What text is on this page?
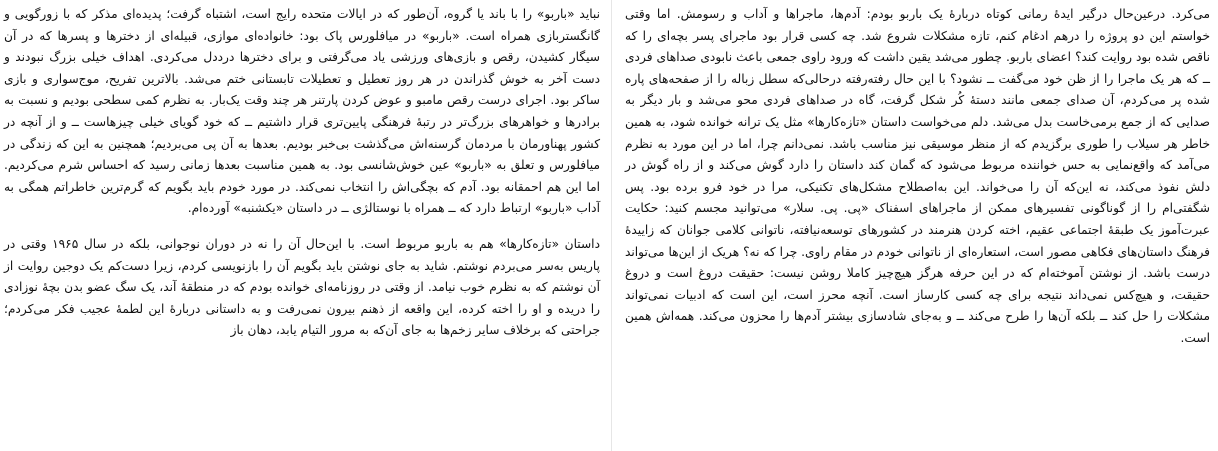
نباید «باربو» را با باند یا گروه، آن‌طور که در ایالات متحده رایج است، اشتباه گرفت؛ پدیده‌ای مذکر که با زورگویی و گانگستربازی همراه است. «باربو» در میافلورس پاک بود: خانواده‌ای موازی، قبیله‌ای از دخترها و پسرها که در آن سیگار کشیدن، رقص و بازی‌های ورزشی یاد می‌گرفتی و برای دخترها درددل می‌کردی. اهداف خیلی بزرگ نبودند و دست آخر به خوش گذراندن در هر روز تعطیل و تعطیلات تابستانی ختم می‌شد. بالاترین تفریح، موج‌سواری و بازی ساکر بود. اجرای درست رقص مامبو و عوض کردن پارتنر هر چند وقت یک‌بار. به نظرم کمی سطحی بودیم و نسبت به برادرها و خواهرهای بزرگ‌تر در رتبهٔ فرهنگی پایین‌تری قرار داشتیم ــ که خود گویای خیلی چیزهاست ــ و از آنچه در کشور پهناورمان با مردمان گرسنه‌اش می‌گذشت بی‌خبر بودیم. بعدها به آن پی می‌بردیم؛ همچنین به این که زندگی در میافلورس و تعلق به «باربو» عین خوش‌شانسی بود. به همین مناسبت بعدها زمانی رسید که احساس شرم می‌کردیم. اما این هم احمقانه بود. آدم که بچگی‌اش را انتخاب نمی‌کند. در مورد خودم باید بگویم که گرم‌ترین خاطراتم همگی به آداب «باربو» ارتباط دارد که ــ همراه با نوستالژی ــ در داستان «یکشنبه» آورده‌ام.

داستان «تازه‌کارها» هم به باربو مربوط است. با این‌حال آن را نه در دوران نوجوانی، بلکه در سال ۱۹۶۵ وقتی در پاریس به‌سر می‌بردم نوشتم. شاید به جای نوشتن باید بگویم آن را بازنویسی کردم، زیرا دست‌کم یک دوجین روایت از آن نوشتم که به نظرم خوب نیامد. از وقتی در روزنامه‌ای خوانده بودم که در منطقهٔ آند، یک سگ عضو بدن بچهٔ نوزادی را دریده و او را اخته کرده، این واقعه از ذهنم بیرون نمی‌رفت و به داستانی دربارهٔ این لطمهٔ عجیب فکر می‌کردم؛ جراحتی که برخلاف سایر زخم‌ها به جای آن‌که به مرور التیام یابد، دهان باز

می‌کرد. درعین‌حال درگیر ایدهٔ رمانی کوتاه دربارهٔ یک باربو بودم: آدم‌ها، ماجراها و آداب و رسومش. اما وقتی خواستم این دو پروژه را درهم ادغام کنم، تازه مشکلات شروع شد. چه کسی قرار بود ماجرای پسر بچه‌ای را که ناقص شده بود روایت کند؟ اعضای باربو. چطور می‌شد یقین داشت که ورود راوی جمعی باعث نابودی صداهای فردی ــ که هر یک ماجرا را از ظن خود می‌گفت ــ نشود؟ با این حال رفته‌رفته درحالی‌که سطل زباله را از صفحه‌های پاره شده پر می‌کردم، آن صدای جمعی مانند دستهٔ کُر شکل گرفت، گاه در صداهای فردی محو می‌شد و بار دیگر به صدایی که از جمع برمی‌خاست بدل می‌شد. دلم می‌خواست داستان «تازه‌کارها» مثل یک ترانه خوانده شود، به همین خاطر هر سیلاب را طوری برگزیدم که از منظر موسیقی نیز مناسب باشد. نمی‌دانم چرا، اما در این مورد به نظرم می‌آمد که واقع‌نمایی به حس خواننده مربوط می‌شود که گمان کند داستان را دارد گوش می‌کند و از راه گوش در دلش نفوذ می‌کند، نه این‌که آن را می‌خواند. این به‌اصطلاح مشکل‌های تکنیکی، مرا در خود فرو برده بود. پس شگفتی‌ام را از گوناگونی تفسیرهای ممکن از ماجراهای اسفناک «پی. پی. سلار» می‌توانید مجسم کنید: حکایت عبرت‌آموز یک طبقهٔ اجتماعی عقیم، اخته کردن هنرمند در کشورهای توسعه‌نیافته، ناتوانی کلامی جوانان که زاییدهٔ فرهنگ داستان‌های فکاهی مصور است، استعاره‌ای از ناتوانی خودم در مقام راوی. چرا که نه؟ هریک از این‌ها می‌تواند درست باشد. از نوشتن آموخته‌ام که در این حرفه هرگز هیچ‌چیز کاملا روشن نیست: حقیقت دروغ است و دروغ حقیقت، و هیچ‌کس نمی‌داند نتیجه برای چه کسی کارساز است. آنچه محرز است، این است که ادبیات نمی‌تواند مشکلات را حل کند ــ بلکه آن‌ها را طرح می‌کند ــ و به‌جای شادسازی بیشتر آدم‌ها را محزون می‌کند. همه‌اش همین است.
